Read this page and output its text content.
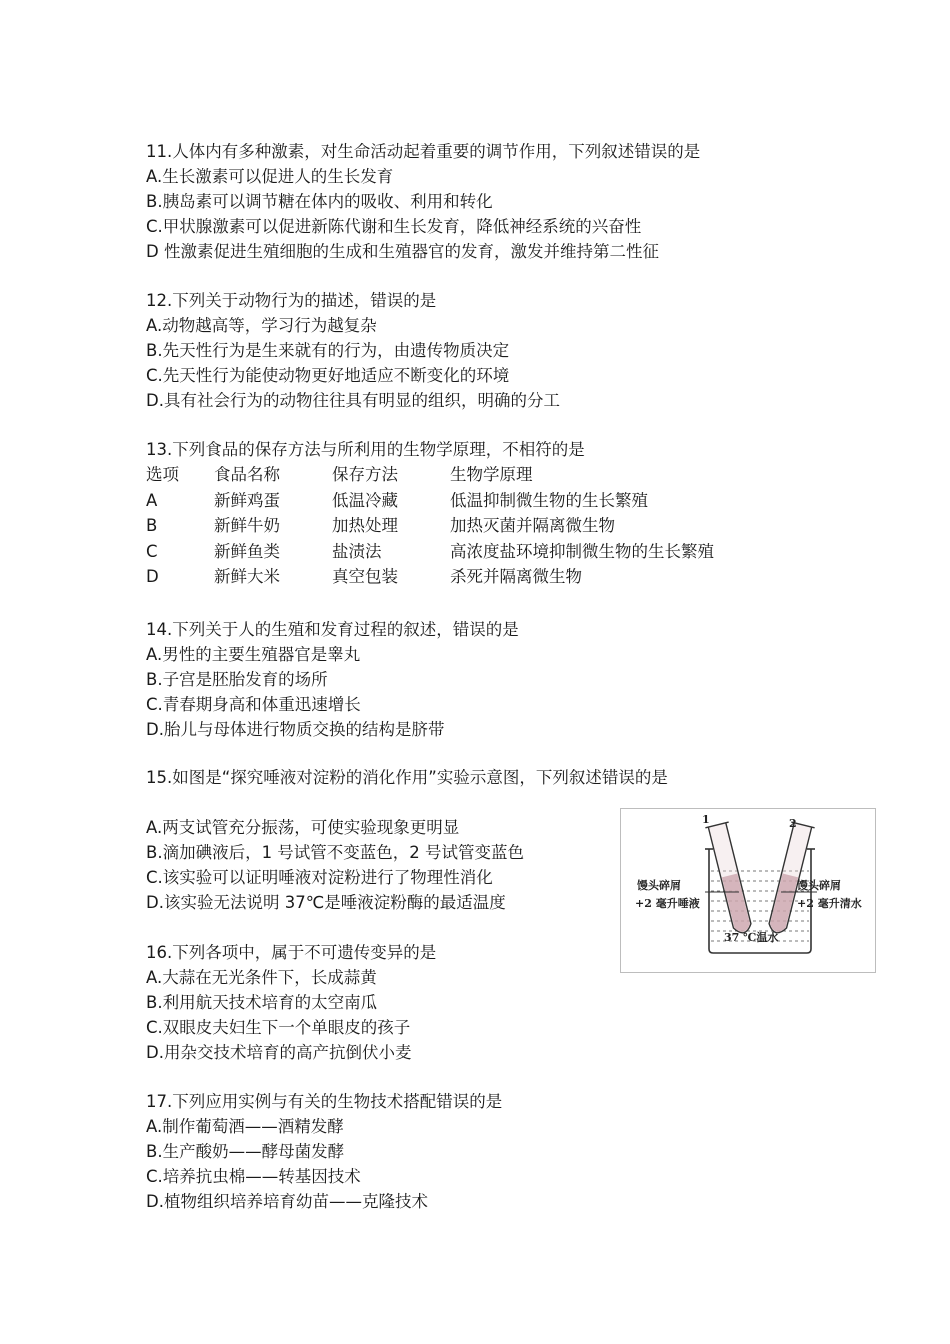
11.人体内有多种激素，对生命活动起着重要的调节作用，下列叙述错误的是
A.生长激素可以促进人的生长发育
B.胰岛素可以调节糖在体内的吸收、利用和转化
C.甲状腺激素可以促进新陈代谢和生长发育，降低神经系统的兴奋性
D 性激素促进生殖细胞的生成和生殖器官的发育，激发并维持第二性征
12.下列关于动物行为的描述，错误的是
A.动物越高等，学习行为越复杂
B.先天性行为是生来就有的行为，由遗传物质决定
C.先天性行为能使动物更好地适应不断变化的环境
D.具有社会行为的动物往往具有明显的组织，明确的分工
13.下列食品的保存方法与所利用的生物学原理，不相符的是
选项	食品名称	保存方法	生物学原理
A	新鲜鸡蛋	低温冷藏	低温抑制微生物的生长繁殖
B	新鲜牛奶	加热处理	加热灭菌并隔离微生物
C	新鲜鱼类	盐渍法	高浓度盐环境抑制微生物的生长繁殖
D	新鲜大米	真空包装	杀死并隔离微生物
14.下列关于人的生殖和发育过程的叙述，错误的是
A.男性的主要生殖器官是睾丸
B.子宫是胚胎发育的场所
C.青春期身高和体重迅速增长
D.胎儿与母体进行物质交换的结构是脐带
15.如图是“探究唾液对淀粉的消化作用”实验示意图，下列叙述错误的是
A.两支试管充分振荡，可使实验现象更明显
B.滴加碘液后，1 号试管不变蓝色，2 号试管变蓝色
C.该实验可以证明唾液对淀粉进行了物理性消化
D.该实验无法说明 37℃是唾液淀粉酶的最适温度
1	2
馒头碎屑
+2 毫升唾液
馒头碎屑
+2 毫升清水
37 ℃温水
16.下列各项中，属于不可遗传变异的是
A.大蒜在无光条件下，长成蒜黄
B.利用航天技术培育的太空南瓜
C.双眼皮夫妇生下一个单眼皮的孩子
D.用杂交技术培育的高产抗倒伏小麦
17.下列应用实例与有关的生物技术搭配错误的是
A.制作葡萄酒——酒精发酵
B.生产酸奶——酵母菌发酵
C.培养抗虫棉——转基因技术
D.植物组织培养培育幼苗——克隆技术
